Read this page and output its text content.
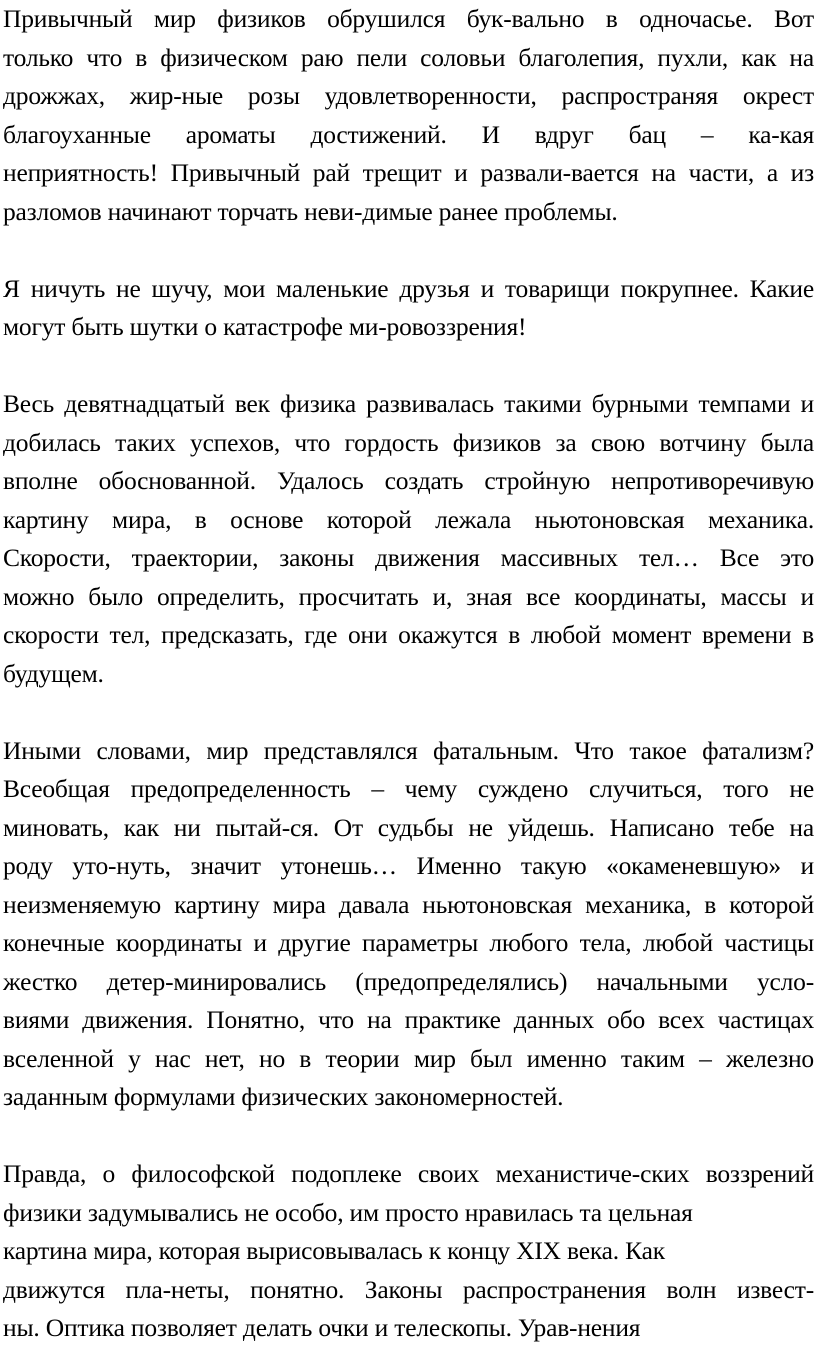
Привычный мир физиков обрушился бук-вально в одночасье. Вот
только что в физическом раю пели соловьи благолепия, пухли, как на
дрожжах, жир-ные розы удовлетворенности, распространяя окрест
благоуханные ароматы достижений. И вдруг бац – ка-кая
неприятность! Привычный рай трещит и развали-вается на части, а из
разломов начинают торчать неви-димые ранее проблемы.
Я ничуть не шучу, мои маленькие друзья и товарищи покрупнее. Какие
могут быть шутки о катастрофе ми-ровоззрения!
Весь девятнадцатый век физика развивалась такими бурными темпами и
добилась таких успехов, что гордость физиков за свою вотчину была
вполне обоснованной. Удалось создать стройную непротиворечивую
картину мира, в основе которой лежала ньютоновская механика.
Скорости, траектории, законы движения массивных тел… Все это
можно было определить, просчитать и, зная все координаты, массы и
скорости тел, предсказать, где они окажутся в любой момент времени в
будущем.
Иными словами, мир представлялся фатальным. Что такое фатализм?
Всеобщая предопределенность – чему суждено случиться, того не
миновать, как ни пытай-ся. От судьбы не уйдешь. Написано тебе на
роду уто-нуть, значит утонешь… Именно такую «окаменевшую» и
неизменяемую картину мира давала ньютоновская механика, в которой
конечные координаты и другие параметры любого тела, любой частицы
жестко детер-минировались (предопределялись) начальными усло-
виями движения. Понятно, что на практике данных обо всех частицах
вселенной у нас нет, но в теории мир был именно таким – железно
заданным формулами физических закономерностей.
Правда, о философской подоплеке своих механистиче-ских воззрений
физики задумывались не особо, им просто нравилась та цельная
картина мира, которая вырисовывалась к концу XIX века. Как
движутся пла-неты, понятно. Законы распространения волн извест-
ны. Оптика позволяет делать очки и телескопы. Урав-нения
